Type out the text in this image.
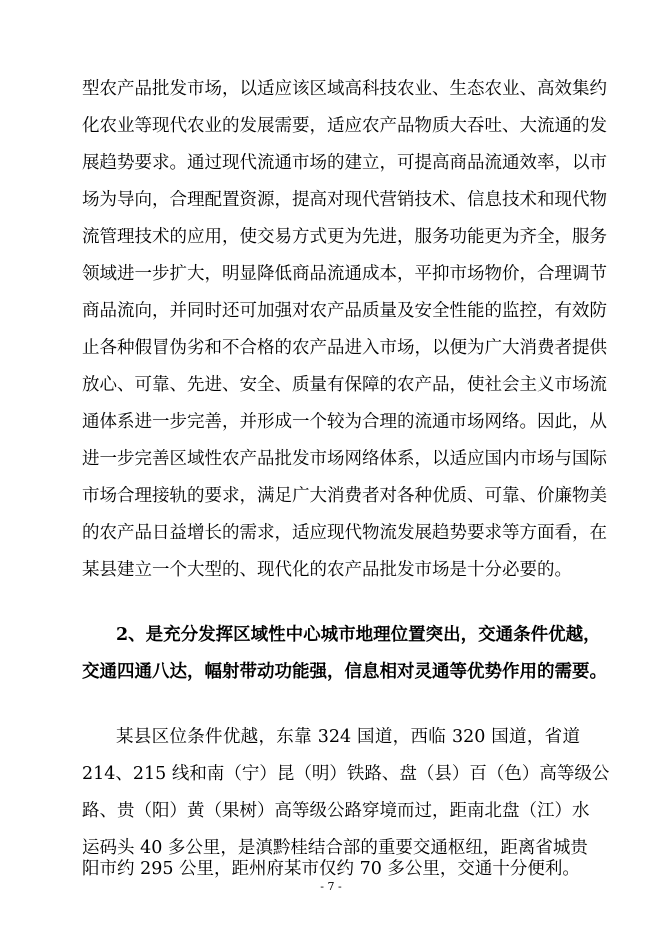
型农产品批发市场，以适应该区域高科技农业、生态农业、高效集约
化农业等现代农业的发展需要，适应农产品物质大吞吐、大流通的发
展趋势要求。通过现代流通市场的建立，可提高商品流通效率，以市
场为导向，合理配置资源，提高对现代营销技术、信息技术和现代物
流管理技术的应用，使交易方式更为先进，服务功能更为齐全，服务
领域进一步扩大，明显降低商品流通成本，平抑市场物价，合理调节
商品流向，并同时还可加强对农产品质量及安全性能的监控，有效防
止各种假冒伪劣和不合格的农产品进入市场，以便为广大消费者提供
放心、可靠、先进、安全、质量有保障的农产品，使社会主义市场流
通体系进一步完善，并形成一个较为合理的流通市场网络。因此，从
进一步完善区域性农产品批发市场网络体系，以适应国内市场与国际
市场合理接轨的要求，满足广大消费者对各种优质、可靠、价廉物美
的农产品日益增长的需求，适应现代物流发展趋势要求等方面看，在
某县建立一个大型的、现代化的农产品批发市场是十分必要的。
2、是充分发挥区域性中心城市地理位置突出，交通条件优越，
交通四通八达，幅射带动功能强，信息相对灵通等优势作用的需要。
某县区位条件优越，东靠 324 国道，西临 320 国道，省道
214、215 线和南（宁）昆（明）铁路、盘（县）百（色）高等级公
路、贵（阳）黄（果树）高等级公路穿境而过，距南北盘（江）水
运码头 40 多公里，是滇黔桂结合部的重要交通枢纽，距离省城贵
阳市约 295 公里，距州府某市仅约 70 多公里，交通十分便利。
- 7 -
